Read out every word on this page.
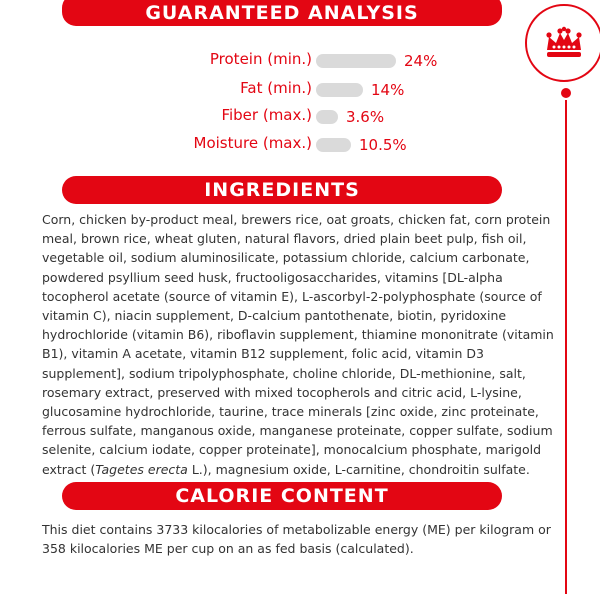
GUARANTEED ANALYSIS
Protein (min.)	24%
Fat (min.)	14%
Fiber (max.) 3.6%
Moisture (max.)	10.5%
INGREDIENTS
Corn, chicken by-product meal, brewers rice, oat groats, chicken fat, corn protein meal, brown rice, wheat gluten, natural flavors, dried plain beet pulp, fish oil, vegetable oil, sodium aluminosilicate, potassium chloride, calcium carbonate, powdered psyllium seed husk, fructooligosaccharides, vitamins [DL-alpha tocopherol acetate (source of vitamin E), L-ascorbyl-2-polyphosphate (source of vitamin C), niacin supplement, D-calcium pantothenate, biotin, pyridoxine hydrochloride (vitamin B6), riboflavin supplement, thiamine mononitrate (vitamin B1), vitamin A acetate, vitamin B12 supplement, folic acid, vitamin D3 supplement], sodium tripolyphosphate, choline chloride, DL-methionine, salt, rosemary extract, preserved with mixed tocopherols and citric acid, L-lysine, glucosamine hydrochloride, taurine, trace minerals [zinc oxide, zinc proteinate, ferrous sulfate, manganous oxide, manganese proteinate, copper sulfate, sodium selenite, calcium iodate, copper proteinate], monocalcium phosphate, marigold extract (Tagetes erecta L.), magnesium oxide, L-carnitine, chondroitin sulfate.
CALORIE CONTENT
This diet contains 3733 kilocalories of metabolizable energy (ME) per kilogram or 358 kilocalories ME per cup on an as fed basis (calculated).
